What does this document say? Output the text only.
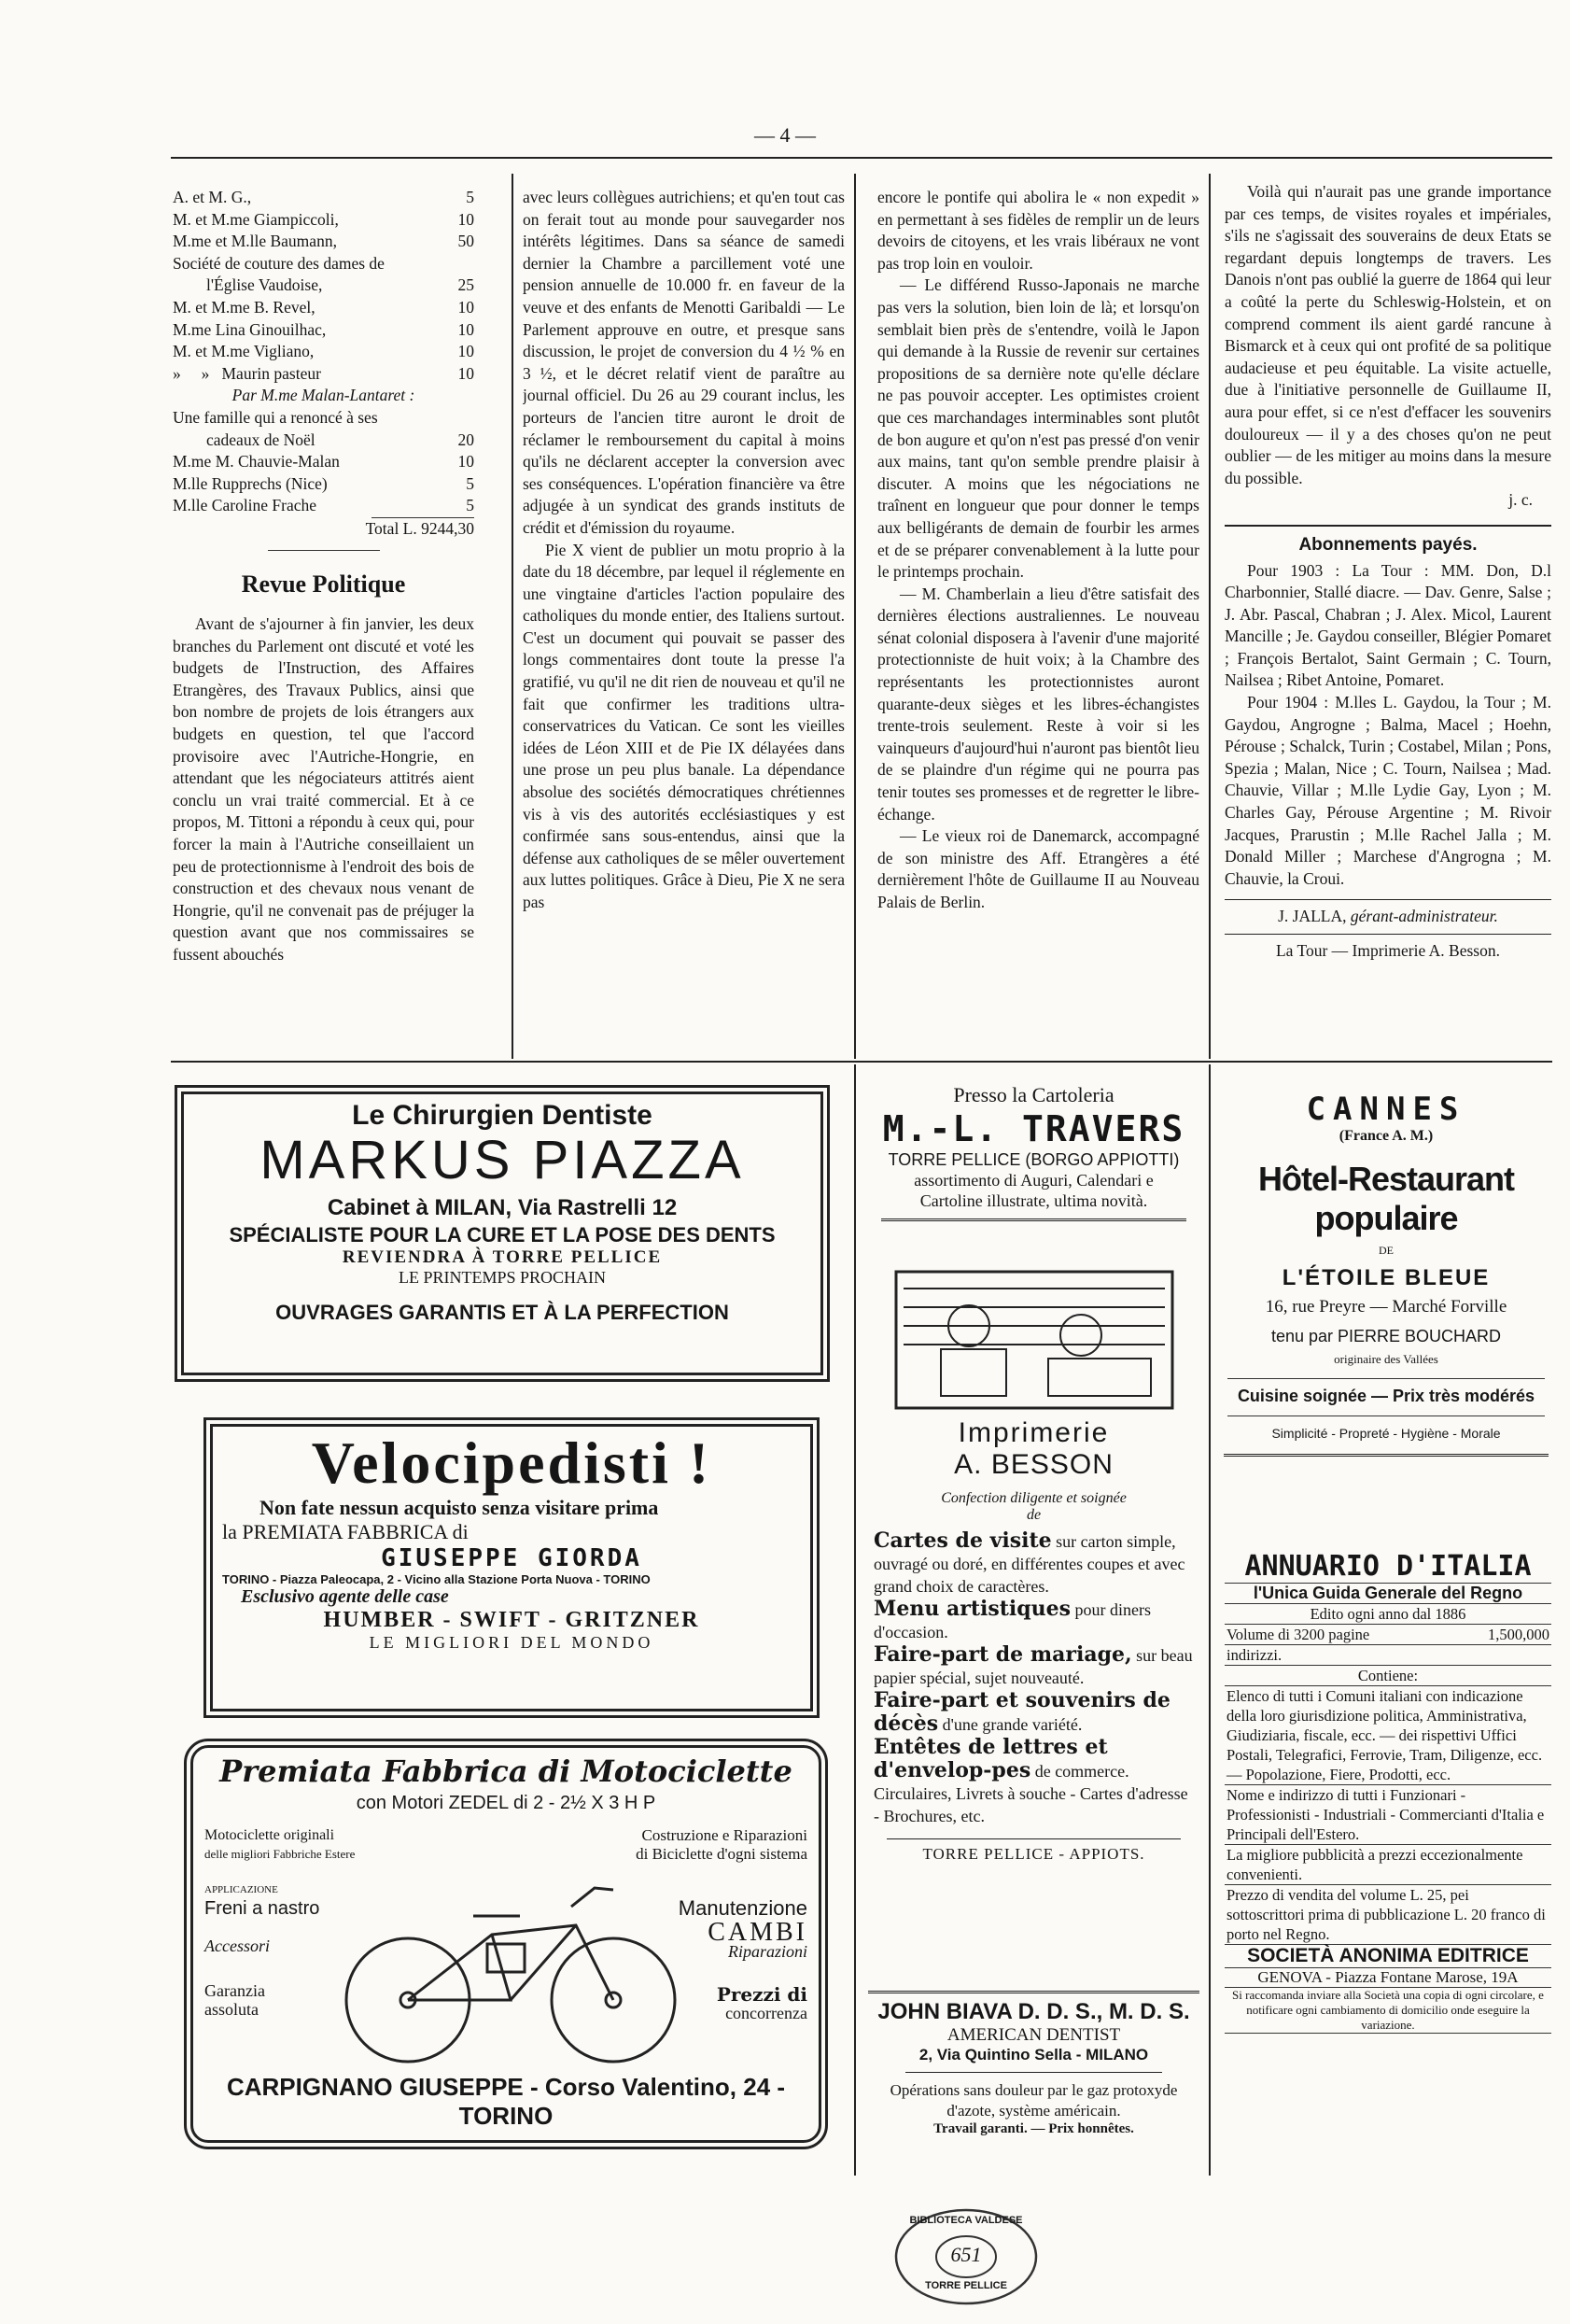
— 4 —
A. et M. G.,	5
M. et M.me Giampiccoli,	10
M.me et M.lle Baumann,	50
Société de couture des dames de
l'Église Vaudoise,	25
M. et M.me B. Revel,	10
M.me Lina Ginouilhac,	10
M. et M.me Vigliano,	10
»     »   Maurin pasteur	10
Par M.me Malan-Lantaret :
Une famille qui a renoncé à ses
cadeaux de Noël	20
M.me M. Chauvie-Malan	10
M.lle Rupprechs (Nice)	5
M.lle Caroline Frache	5
Total L. 9244,30
Revue Politique

Avant de s'ajourner à fin janvier, les deux branches du Parlement ont discuté et voté les budgets de l'Instruction, des Affaires Etrangères, des Travaux Publics, ainsi que bon nombre de projets de lois étrangers aux budgets en question, tel que l'accord provisoire avec l'Autriche-Hongrie, en attendant que les négociateurs attitrés aient conclu un vrai traité commercial. Et à ce propos, M. Tittoni a répondu à ceux qui, pour forcer la main à l'Autriche conseillaient un peu de protectionnisme à l'endroit des bois de construction et des chevaux nous venant de Hongrie, qu'il ne convenait pas de préjuger la question avant que nos commissaires se fussent abouchés

avec leurs collègues autrichiens; et qu'en tout cas on ferait tout au monde pour sauvegarder nos intérêts légitimes. Dans sa séance de samedi dernier la Chambre a parcillement voté une pension annuelle de 10.000 fr. en faveur de la veuve et des enfants de Menotti Garibaldi — Le Parlement approuve en outre, et presque sans discussion, le projet de conversion du 4 ½ % en 3 ½, et le décret relatif vient de paraître au journal officiel. Du 26 au 29 courant inclus, les porteurs de l'ancien titre auront le droit de réclamer le remboursement du capital à moins qu'ils ne déclarent accepter la conversion avec ses conséquences. L'opération financière va être adjugée à un syndicat des grands instituts de crédit et d'émission du royaume.

Pie X vient de publier un motu proprio à la date du 18 décembre, par lequel il réglemente en une vingtaine d'articles l'action populaire des catholiques du monde entier, des Italiens surtout. C'est un document qui pouvait se passer des longs commentaires dont toute la presse l'a gratifié, vu qu'il ne dit rien de nouveau et qu'il ne fait que confirmer les traditions ultra-conservatrices du Vatican. Ce sont les vieilles idées de Léon XIII et de Pie IX délayées dans une prose un peu plus banale. La dépendance absolue des sociétés démocratiques chrétiennes vis à vis des autorités ecclésiastiques y est confirmée sans sous-entendus, ainsi que la défense aux catholiques de se mêler ouvertement aux luttes politiques. Grâce à Dieu, Pie X ne sera pas

encore le pontife qui abolira le « non expedit » en permettant à ses fidèles de remplir un de leurs devoirs de citoyens, et les vrais libéraux ne vont pas trop loin en vouloir.

— Le différend Russo-Japonais ne marche pas vers la solution, bien loin de là; et lorsqu'on semblait bien près de s'entendre, voilà le Japon qui demande à la Russie de revenir sur certaines propositions de sa dernière note qu'elle déclare ne pas pouvoir accepter. Les optimistes croient que ces marchandages interminables sont plutôt de bon augure et qu'on n'est pas pressé d'on venir aux mains, tant qu'on semble prendre plaisir à discuter. A moins que les négociations ne traînent en longueur que pour donner le temps aux belligérants de demain de fourbir les armes et de se préparer convenablement à la lutte pour le printemps prochain.

— M. Chamberlain a lieu d'être satisfait des dernières élections australiennes. Le nouveau sénat colonial disposera à l'avenir d'une majorité protectionniste de huit voix; à la Chambre des représentants les protectionnistes auront quarante-deux sièges et les libres-échangistes trente-trois seulement. Reste à voir si les vainqueurs d'aujourd'hui n'auront pas bientôt lieu de se plaindre d'un régime qui ne pourra pas tenir toutes ses promesses et de regretter le libre-échange.

— Le vieux roi de Danemarck, accompagné de son ministre des Aff. Etrangères a été dernièrement l'hôte de Guillaume II au Nouveau Palais de Berlin.

Voilà qui n'aurait pas une grande importance par ces temps, de visites royales et impériales, s'ils ne s'agissait des souverains de deux Etats se regardant depuis longtemps de travers. Les Danois n'ont pas oublié la guerre de 1864 qui leur a coûté la perte du Schleswig-Holstein, et on comprend comment ils aient gardé rancune à Bismarck et à ceux qui ont profité de sa politique audacieuse et peu équitable. La visite actuelle, due à l'initiative personnelle de Guillaume II, aura pour effet, si ce n'est d'effacer les souvenirs douloureux — il y a des choses qu'on ne peut oublier — de les mitiger au moins dans la mesure du possible.

j. c.
Abonnements payés.

Pour 1903 : La Tour : MM. Don, D.l Charbonnier, Stallé diacre. — Dav. Genre, Salse ; J. Abr. Pascal, Chabran ; J. Alex. Micol, Laurent Mancille ; Je. Gaydou conseiller, Blégier Pomaret ; François Bertalot, Saint Germain ; C. Tourn, Nailsea ; Ribet Antoine, Pomaret.

Pour 1904 : M.lles L. Gaydou, la Tour ; M. Gaydou, Angrogne ; Balma, Macel ; Hoehn, Pérouse ; Schalck, Turin ; Costabel, Milan ; Pons, Spezia ; Malan, Nice ; C. Tourn, Nailsea ; Mad. Chauvie, Villar ; M.lle Lydie Gay, Lyon ; M. Charles Gay, Pérouse Argentine ; M. Rivoir Jacques, Prarustin ; M.lle Rachel Jalla ; M. Donald Miller ; Marchese d'Angrogna ; M. Chauvie, la Croui.

J. JALLA, gérant-administrateur.
La Tour — Imprimerie A. Besson.
Le Chirurgien Dentiste
MARKUS PIAZZA
Cabinet à MILAN, Via Rastrelli 12
SPÉCIALISTE POUR LA CURE ET LA POSE DES DENTS
REVIENDRA À TORRE PELLICE
LE PRINTEMPS PROCHAIN
OUVRAGES GARANTIS ET À LA PERFECTION
Velocipedisti !
Non fate nessun acquisto senza visitare prima
la PREMIATA FABBRICA di
GIUSEPPE GIORDA
TORINO - Piazza Paleocapa, 2 - Vicino alla Stazione Porta Nuova - TORINO
Esclusivo agente delle case
HUMBER - SWIFT - GRITZNER
LE MIGLIORI DEL MONDO
Premiata Fabbrica di Motociclette
con Motori ZEDEL di 2 - 2½ X 3 H P
Motociclette originali
delle migliori Fabbriche Estere
APPLICAZIONE
Freni a nastro
Accessori
Garanzia
assoluta
Costruzione e Riparazioni
di Biciclette d'ogni sistema
Manutenzione
CAMBI
Riparazioni
Prezzi di
concorrenza
CARPIGNANO GIUSEPPE - Corso Valentino, 24 - TORINO
Presso la Cartoleria
M.-L. TRAVERS
TORRE PELLICE (BORGO APPIOTTI)
assortimento di Auguri, Calendari e Cartoline illustrate, ultima novità.
Imprimerie
A. BESSON
Confection diligente et soignée
de
Cartes de visite sur carton simple, ouvragé ou doré, en différentes coupes et avec grand choix de caractères.
Menu artistiques pour diners d'occasion.
Faire-part de mariage, sur beau papier spécial, sujet nouveauté.
Faire-part et souvenirs de décès d'une grande variété.
Entêtes de lettres et d'envelop-pes de commerce. Circulaires, Livrets à souche - Cartes d'adresse - Brochures, etc.
TORRE PELLICE - APPIOTS.
JOHN BIAVA D. D. S., M. D. S.
AMERICAN DENTIST
2, Via Quintino Sella - MILANO
Opérations sans douleur par le gaz protoxyde d'azote, système américain.
Travail garanti. — Prix honnêtes.
CANNES
(France A. M.)
Hôtel-Restaurant populaire
DE
L'ÉTOILE BLEUE
16, rue Preyre — Marché Forville
tenu par PIERRE BOUCHARD
originaire des Vallées
Cuisine soignée — Prix très modérés
Simplicité - Propreté - Hygiène - Morale
ANNUARIO D'ITALIA
l'Unica Guida Generale del Regno
Edito ogni anno dal 1886
Volume di 3200 pagine	1,500,000
indirizzi.
Contiene:
Elenco di tutti i Comuni italiani con indicazione della loro giurisdizione politica, Amministrativa, Giudiziaria, fiscale, ecc. — dei rispettivi Uffici Postali, Telegrafici, Ferrovie, Tram, Diligenze, ecc. — Popolazione, Fiere, Prodotti, ecc.
Nome e indirizzo di tutti i Funzionari - Professionisti - Industriali - Commercianti d'Italia e Principali dell'Estero.
La migliore pubblicità a prezzi eccezionalmente convenienti.
Prezzo di vendita del volume L. 25, pei sottoscrittori prima di pubblicazione L. 20 franco di porto nel Regno.
SOCIETÀ ANONIMA EDITRICE
GENOVA - Piazza Fontane Marose, 19A
Si raccomanda inviare alla Società una copia di ogni circolare, e notificare ogni cambiamento di domicilio onde eseguire la variazione.
BIBLIOTECA VALDESE
651
TORRE PELLICE
